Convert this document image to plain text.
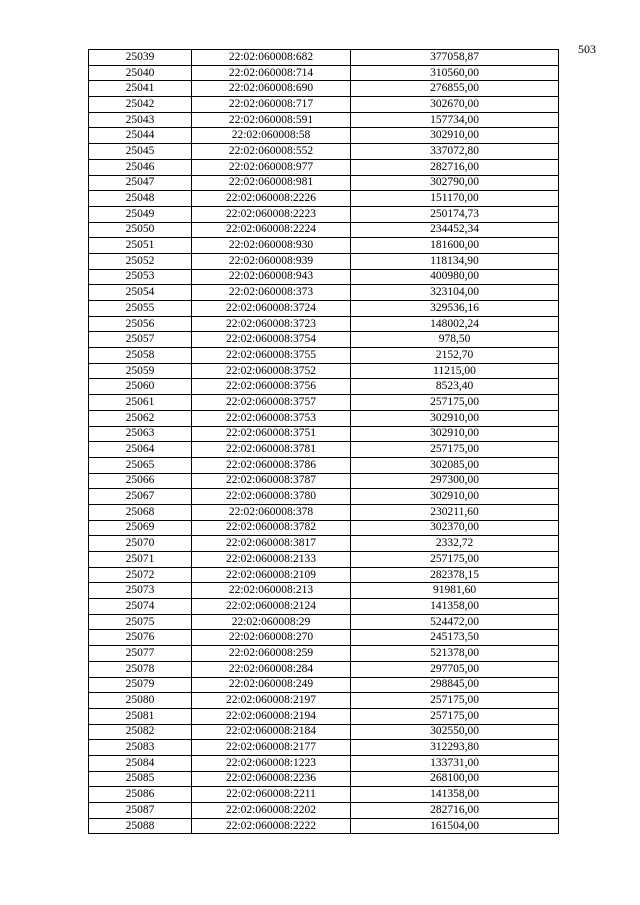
503
25039	22:02:060008:682	377058,87
25040	22:02:060008:714	310560,00
25041	22:02:060008:690	276855,00
25042	22:02:060008:717	302670,00
25043	22:02:060008:591	157734,00
25044	22:02:060008:58	302910,00
25045	22:02:060008:552	337072,80
25046	22:02:060008:977	282716,00
25047	22:02:060008:981	302790,00
25048	22:02:060008:2226	151170,00
25049	22:02:060008:2223	250174,73
25050	22:02:060008:2224	234452,34
25051	22:02:060008:930	181600,00
25052	22:02:060008:939	118134,90
25053	22:02:060008:943	400980,00
25054	22:02:060008:373	323104,00
25055	22:02:060008:3724	329536,16
25056	22:02:060008:3723	148002,24
25057	22:02:060008:3754	978,50
25058	22:02:060008:3755	2152,70
25059	22:02:060008:3752	11215,00
25060	22:02:060008:3756	8523,40
25061	22:02:060008:3757	257175,00
25062	22:02:060008:3753	302910,00
25063	22:02:060008:3751	302910,00
25064	22:02:060008:3781	257175,00
25065	22:02:060008:3786	302085,00
25066	22:02:060008:3787	297300,00
25067	22:02:060008:3780	302910,00
25068	22:02:060008:378	230211,60
25069	22:02:060008:3782	302370,00
25070	22:02:060008:3817	2332,72
25071	22:02:060008:2133	257175,00
25072	22:02:060008:2109	282378,15
25073	22:02:060008:213	91981,60
25074	22:02:060008:2124	141358,00
25075	22:02:060008:29	524472,00
25076	22:02:060008:270	245173,50
25077	22:02:060008:259	521378,00
25078	22:02:060008:284	297705,00
25079	22:02:060008:249	298845,00
25080	22:02:060008:2197	257175,00
25081	22:02:060008:2194	257175,00
25082	22:02:060008:2184	302550,00
25083	22:02:060008:2177	312293,80
25084	22:02:060008:1223	133731,00
25085	22:02:060008:2236	268100,00
25086	22:02:060008:2211	141358,00
25087	22:02:060008:2202	282716,00
25088	22:02:060008:2222	161504,00
